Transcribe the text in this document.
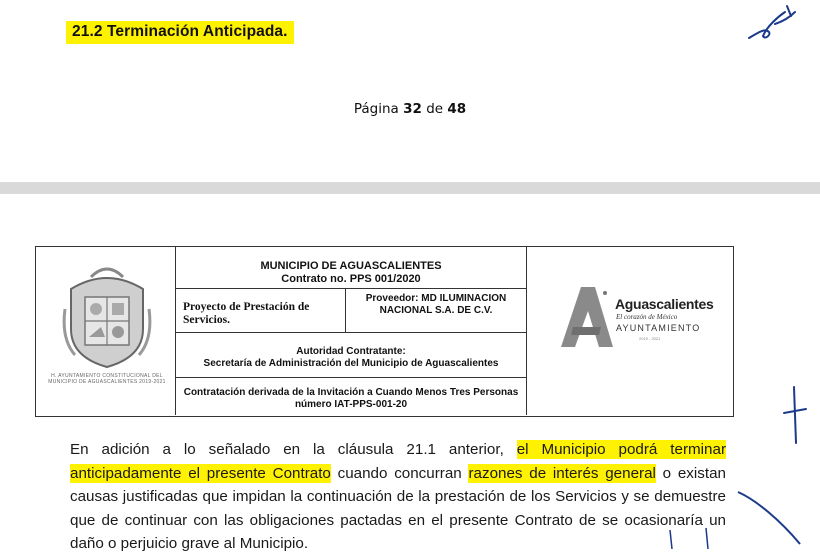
21.2 Terminación Anticipada.
Página 32 de 48
H. AYUNTAMIENTO CONSTITUCIONAL DEL MUNICIPIO DE AGUASCALIENTES 2019-2021
MUNICIPIO DE AGUASCALIENTES
Contrato no. PPS 001/2020
Proyecto de Prestación de Servicios.
Proveedor: MD ILUMINACION NACIONAL S.A. DE C.V.
Autoridad Contratante:
Secretaría de Administración del Municipio de Aguascalientes
Contratación derivada de la Invitación a Cuando Menos Tres Personas
número IAT-PPS-001-20
Aguascalientes
El corazón de México
AYUNTAMIENTO
2019 - 2021
En adición a lo señalado en la cláusula 21.1 anterior, el Municipio podrá terminar anticipadamente el presente Contrato cuando concurran razones de interés general o existan causas justificadas que impidan la continuación de la prestación de los Servicios y se demuestre que de continuar con las obligaciones pactadas en el presente Contrato de se ocasionaría un daño o perjuicio grave al Municipio.
